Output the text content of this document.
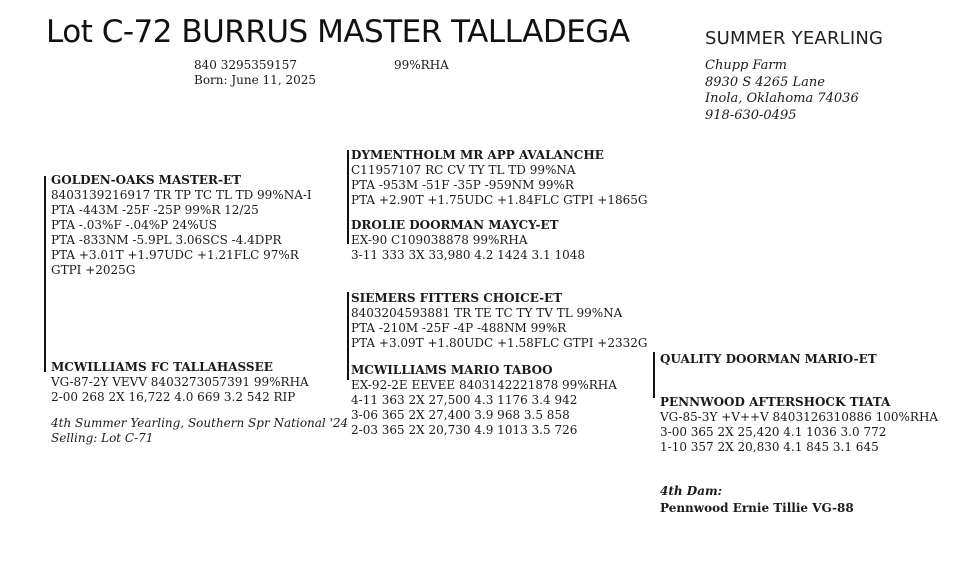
Lot C-72 BURRUS MASTER TALLADEGA	SUMMER YEARLING
840 3295359157	99%RHA
Born: June 11, 2025
Chupp Farm
8930 S 4265 Lane
Inola, Oklahoma 74036
918-630-0495
GOLDEN-OAKS MASTER-ET
8403139216917 TR TP TC TL TD 99%NA-I
PTA -443M -25F -25P 99%R 12/25
PTA -.03%F -.04%P 24%US
PTA -833NM -5.9PL 3.06SCS -4.4DPR
PTA +3.01T +1.97UDC +1.21FLC 97%R
GTPI +2025G
DYMENTHOLM MR APP AVALANCHE
C11957107 RC CV TY TL TD 99%NA
PTA -953M -51F -35P -959NM 99%R
PTA +2.90T +1.75UDC +1.84FLC GTPI +1865G
DROLIE DOORMAN MAYCY-ET
EX-90 C109038878 99%RHA
3-11 333 3X 33,980 4.2 1424 3.1 1048
MCWILLIAMS FC TALLAHASSEE
VG-87-2Y VEVV 8403273057391 99%RHA
2-00 268 2X 16,722 4.0 669 3.2 542 RIP
4th Summer Yearling, Southern Spr National '24
Selling: Lot C-71
SIEMERS FITTERS CHOICE-ET
8403204593881 TR TE TC TY TV TL 99%NA
PTA -210M -25F -4P -488NM 99%R
PTA +3.09T +1.80UDC +1.58FLC GTPI +2332G
MCWILLIAMS MARIO TABOO
EX-92-2E EEVEE 8403142221878 99%RHA
4-11 363 2X 27,500 4.3 1176 3.4 942
3-06 365 2X 27,400 3.9 968 3.5 858
2-03 365 2X 20,730 4.9 1013 3.5 726
QUALITY DOORMAN MARIO-ET
PENNWOOD AFTERSHOCK TIATA
VG-85-3Y +V++V 8403126310886 100%RHA
3-00 365 2X 25,420 4.1 1036 3.0 772
1-10 357 2X 20,830 4.1 845 3.1 645
4th Dam:
Pennwood Ernie Tillie VG-88
